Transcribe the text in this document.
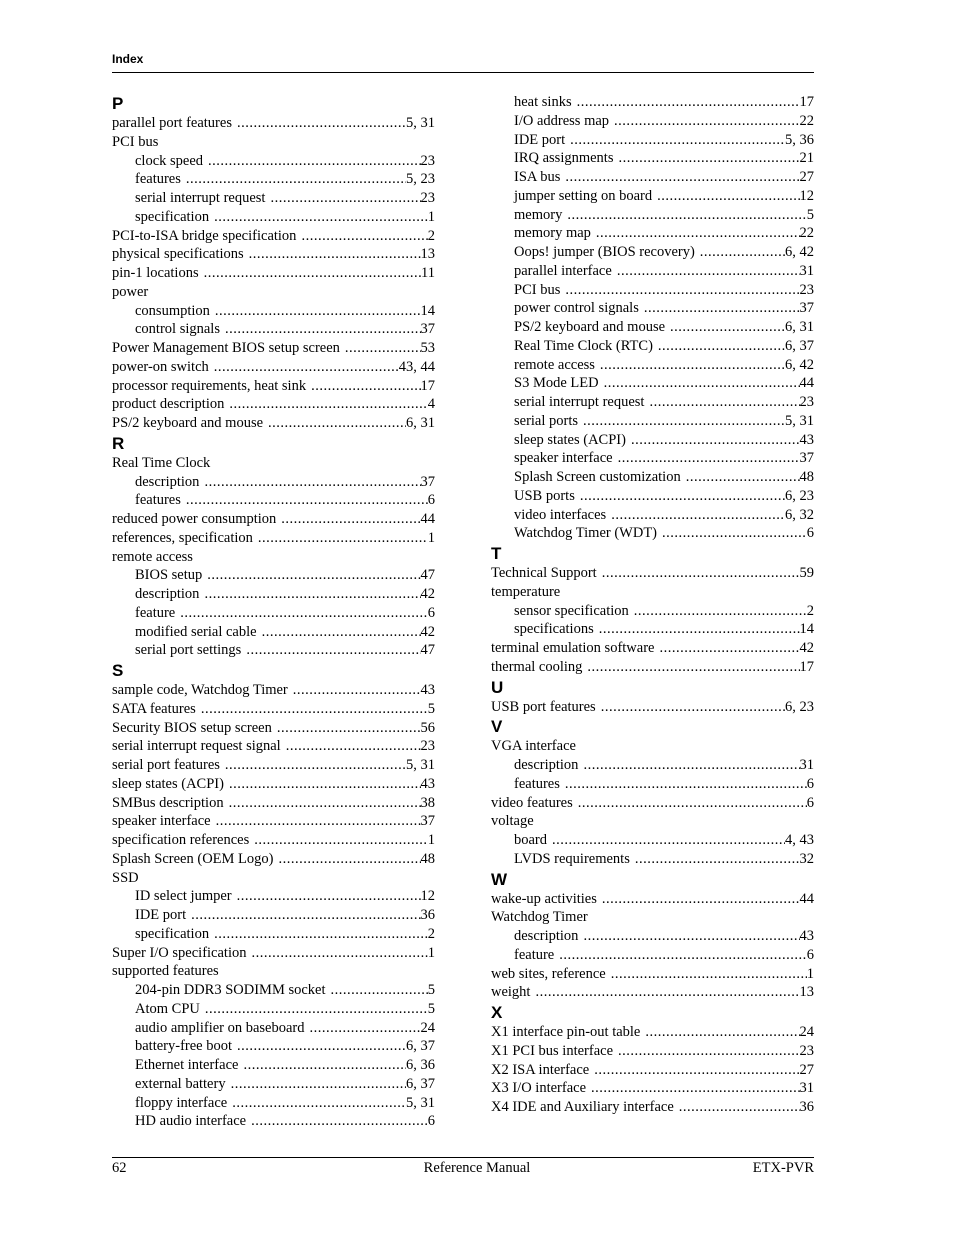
Index
P
parallel port features .....	5, 31
PCI bus
clock speed .....	23
features .....	5, 23
serial interrupt request .....	23
specification .....	1
PCI-to-ISA bridge specification .....	2
physical specifications .....	13
pin-1 locations .....	11
power
consumption .....	14
control signals .....	37
Power Management BIOS setup screen .....	53
power-on switch .....	43, 44
processor requirements, heat sink .....	17
product description .....	4
PS/2 keyboard and mouse .....	6, 31
R
Real Time Clock
description .....	37
features .....	6
reduced power consumption .....	44
references, specification .....	1
remote access
BIOS setup .....	47
description .....	42
feature .....	6
modified serial cable .....	42
serial port settings .....	47
S
sample code, Watchdog Timer .....	43
SATA features .....	5
Security BIOS setup screen .....	56
serial interrupt request signal .....	23
serial port features .....	5, 31
sleep states (ACPI) .....	43
SMBus description .....	38
speaker interface .....	37
specification references .....	1
Splash Screen (OEM Logo) .....	48
SSD
ID select jumper .....	12
IDE port .....	36
specification .....	2
Super I/O specification .....	1
supported features
204-pin DDR3 SODIMM socket .....	5
Atom CPU .....	5
audio amplifier on baseboard .....	24
battery-free boot .....	6, 37
Ethernet interface .....	6, 36
external battery .....	6, 37
floppy interface .....	5, 31
HD audio interface .....	6
heat sinks .....	17
I/O address map .....	22
IDE port .....	5, 36
IRQ assignments .....	21
ISA bus .....	27
jumper setting on board .....	12
memory .....	5
memory map .....	22
Oops! jumper (BIOS recovery) .....	6, 42
parallel interface .....	31
PCI bus .....	23
power control signals .....	37
PS/2 keyboard and mouse .....	6, 31
Real Time Clock (RTC) .....	6, 37
remote access .....	6, 42
S3 Mode LED .....	44
serial interrupt request .....	23
serial ports .....	5, 31
sleep states (ACPI) .....	43
speaker interface .....	37
Splash Screen customization .....	48
USB ports .....	6, 23
video interfaces .....	6, 32
Watchdog Timer (WDT) .....	6
T
Technical Support .....	59
temperature
sensor specification .....	2
specifications .....	14
terminal emulation software .....	42
thermal cooling .....	17
U
USB port features .....	6, 23
V
VGA interface
description .....	31
features .....	6
video features .....	6
voltage
board .....	4, 43
LVDS requirements .....	32
W
wake-up activities .....	44
Watchdog Timer
description .....	43
feature .....	6
web sites, reference .....	1
weight .....	13
X
X1 interface pin-out table .....	24
X1 PCI bus interface .....	23
X2 ISA interface .....	27
X3 I/O interface .....	31
X4 IDE and Auxiliary interface .....	36
62	Reference Manual	ETX-PVR
